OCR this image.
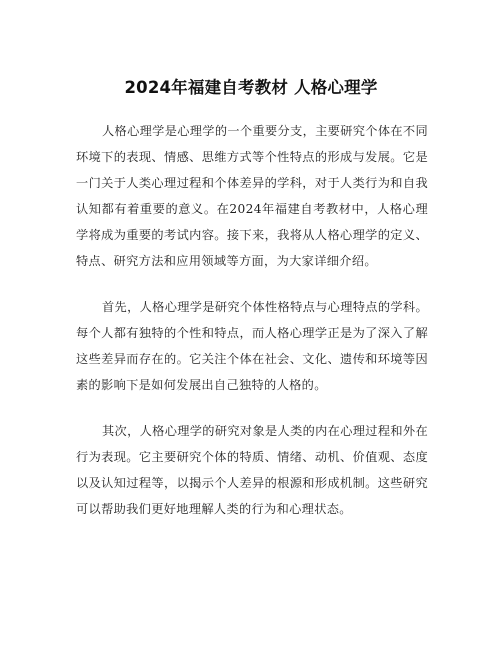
2024年福建自考教材 人格心理学

人格心理学是心理学的一个重要分支，主要研究个体在不同环境下的表现、情感、思维方式等个性特点的形成与发展。它是一门关于人类心理过程和个体差异的学科，对于人类行为和自我认知都有着重要的意义。在2024年福建自考教材中，人格心理学将成为重要的考试内容。接下来，我将从人格心理学的定义、特点、研究方法和应用领域等方面，为大家详细介绍。

首先，人格心理学是研究个体性格特点与心理特点的学科。每个人都有独特的个性和特点，而人格心理学正是为了深入了解这些差异而存在的。它关注个体在社会、文化、遗传和环境等因素的影响下是如何发展出自己独特的人格的。

其次，人格心理学的研究对象是人类的内在心理过程和外在行为表现。它主要研究个体的特质、情绪、动机、价值观、态度以及认知过程等，以揭示个人差异的根源和形成机制。这些研究可以帮助我们更好地理解人类的行为和心理状态。
